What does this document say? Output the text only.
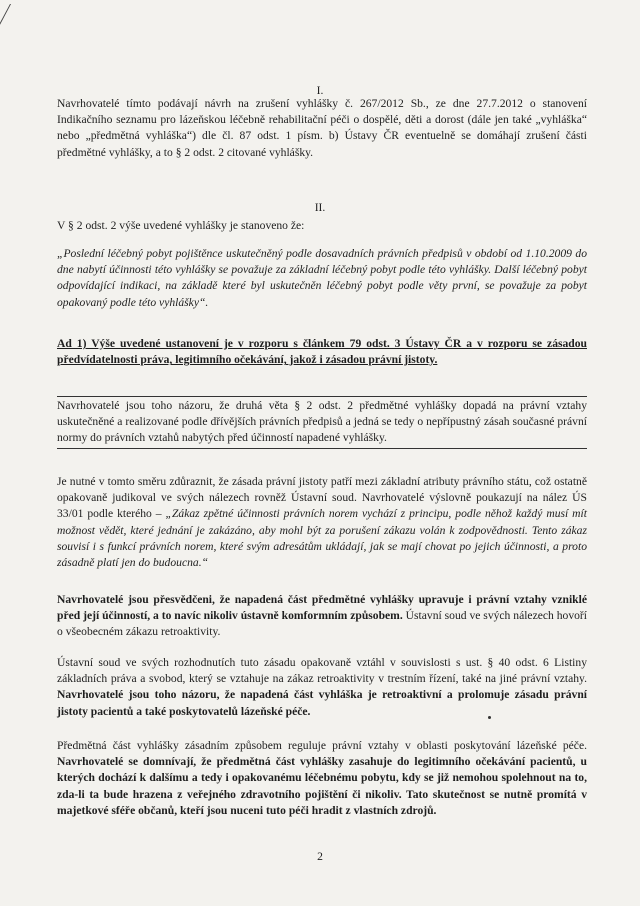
I.
Navrhovatelé tímto podávají návrh na zrušení vyhlášky č. 267/2012 Sb., ze dne 27.7.2012 o stanovení Indikačního seznamu pro lázeňskou léčebně rehabilitační péči o dospělé, děti a dorost (dále jen také „vyhláška“ nebo „předmětná vyhláška“) dle čl. 87 odst. 1 písm. b) Ústavy ČR eventuelně se domáhají zrušení části předmětné vyhlášky, a to § 2 odst. 2 citované vyhlášky.
II.
V § 2 odst. 2 výše uvedené vyhlášky je stanoveno že:
„Poslední léčebný pobyt pojištěnce uskutečněný podle dosavadních právních předpisů v období od 1.10.2009 do dne nabytí účinnosti této vyhlášky se považuje za základní léčebný pobyt podle této vyhlášky. Další léčebný pobyt odpovídající indikaci, na základě které byl uskutečněn léčebný pobyt podle věty první, se považuje za pobyt opakovaný podle této vyhlášky“.
Ad 1) Výše uvedené ustanovení je v rozporu s článkem 79 odst. 3 Ústavy ČR a v rozporu se zásadou předvídatelnosti práva, legitimního očekávání, jakož i zásadou právní jistoty.
Navrhovatelé jsou toho názoru, že druhá věta § 2 odst. 2 předmětné vyhlášky dopadá na právní vztahy uskutečněné a realizované podle dřívějších právních předpisů a jedná se tedy o nepřípustný zásah současné právní normy do právních vztahů nabytých před účinností napadené vyhlášky.
Je nutné v tomto směru zdůraznit, že zásada právní jistoty patří mezi základní atributy právního státu, což ostatně opakovaně judikoval ve svých nálezech rovněž Ústavní soud. Navrhovatelé výslovně poukazují na nález ÚS 33/01 podle kterého – „Zákaz zpětné účinnosti právních norem vychází z principu, podle něhož každý musí mít možnost vědět, které jednání je zakázáno, aby mohl být za porušení zákazu volán k zodpovědnosti. Tento zákaz souvisí i s funkcí právních norem, které svým adresátům ukládají, jak se mají chovat po jejich účinnosti, a proto zásadně platí jen do budoucna.“
Navrhovatelé jsou přesvědčeni, že napadená část předmětné vyhlášky upravuje i právní vztahy vzniklé před její účinností, a to navíc nikoliv ústavně komformním způsobem. Ústavní soud ve svých nálezech hovoří o všeobecném zákazu retroaktivity.
Ústavní soud ve svých rozhodnutích tuto zásadu opakovaně vztáhl v souvislosti s ust. § 40 odst. 6 Listiny základních práva a svobod, který se vztahuje na zákaz retroaktivity v trestním řízení, také na jiné právní vztahy. Navrhovatelé jsou toho názoru, že napadená část vyhláška je retroaktivní a prolomuje zásadu právní jistoty pacientů a také poskytovatelů lázeňské péče.
Předmětná část vyhlášky zásadním způsobem reguluje právní vztahy v oblasti poskytování lázeňské péče. Navrhovatelé se domnívají, že předmětná část vyhlášky zasahuje do legitimního očekávání pacientů, u kterých dochází k dalšímu a tedy i opakovanému léčebnému pobytu, kdy se již nemohou spolehnout na to, zda-li ta bude hrazena z veřejného zdravotního pojištění či nikoliv. Tato skutečnost se nutně promítá v majetkové sféře občanů, kteří jsou nuceni tuto péči hradit z vlastních zdrojů.
2
